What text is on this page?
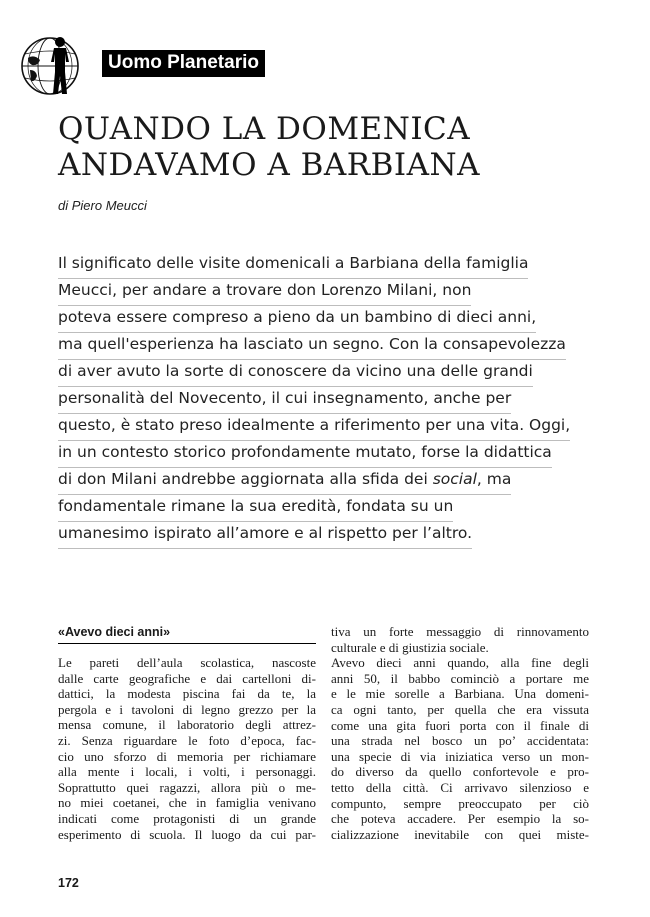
Uomo Planetario
QUANDO LA DOMENICA
ANDAVAMO A BARBIANA
di Piero Meucci
Il significato delle visite domenicali a Barbiana della famiglia
Meucci, per andare a trovare don Lorenzo Milani, non
poteva essere compreso a pieno da un bambino di dieci anni,
ma quell'esperienza ha lasciato un segno. Con la consapevolezza
di aver avuto la sorte di conoscere da vicino una delle grandi
personalità del Novecento, il cui insegnamento, anche per
questo, è stato preso idealmente a riferimento per una vita. Oggi,
in un contesto storico profondamente mutato, forse la didattica
di don Milani andrebbe aggiornata alla sfida dei social, ma
fondamentale rimane la sua eredità, fondata su un
umanesimo ispirato all’amore e al rispetto per l’altro.
«Avevo dieci anni»
Le pareti dell’aula scolastica, nascoste
dalle carte geografiche e dai cartelloni di-
dattici, la modesta piscina fai da te, la
pergola e i tavoloni di legno grezzo per la
mensa comune, il laboratorio degli attrez-
zi. Senza riguardare le foto d’epoca, fac-
cio uno sforzo di memoria per richiamare
alla mente i locali, i volti, i personaggi.
Soprattutto quei ragazzi, allora più o me-
no miei coetanei, che in famiglia venivano
indicati come protagonisti di un grande
esperimento di scuola. Il luogo da cui par-
tiva un forte messaggio di rinnovamento
culturale e di giustizia sociale.
Avevo dieci anni quando, alla fine degli
anni 50, il babbo cominciò a portare me
e le mie sorelle a Barbiana. Una domeni-
ca ogni tanto, per quella che era vissuta
come una gita fuori porta con il finale di
una strada nel bosco un po’ accidentata:
una specie di via iniziatica verso un mon-
do diverso da quello confortevole e pro-
tetto della città. Ci arrivavo silenzioso e
compunto, sempre preoccupato per ciò
che poteva accadere. Per esempio la so-
cializzazione inevitabile con quei miste-
172
